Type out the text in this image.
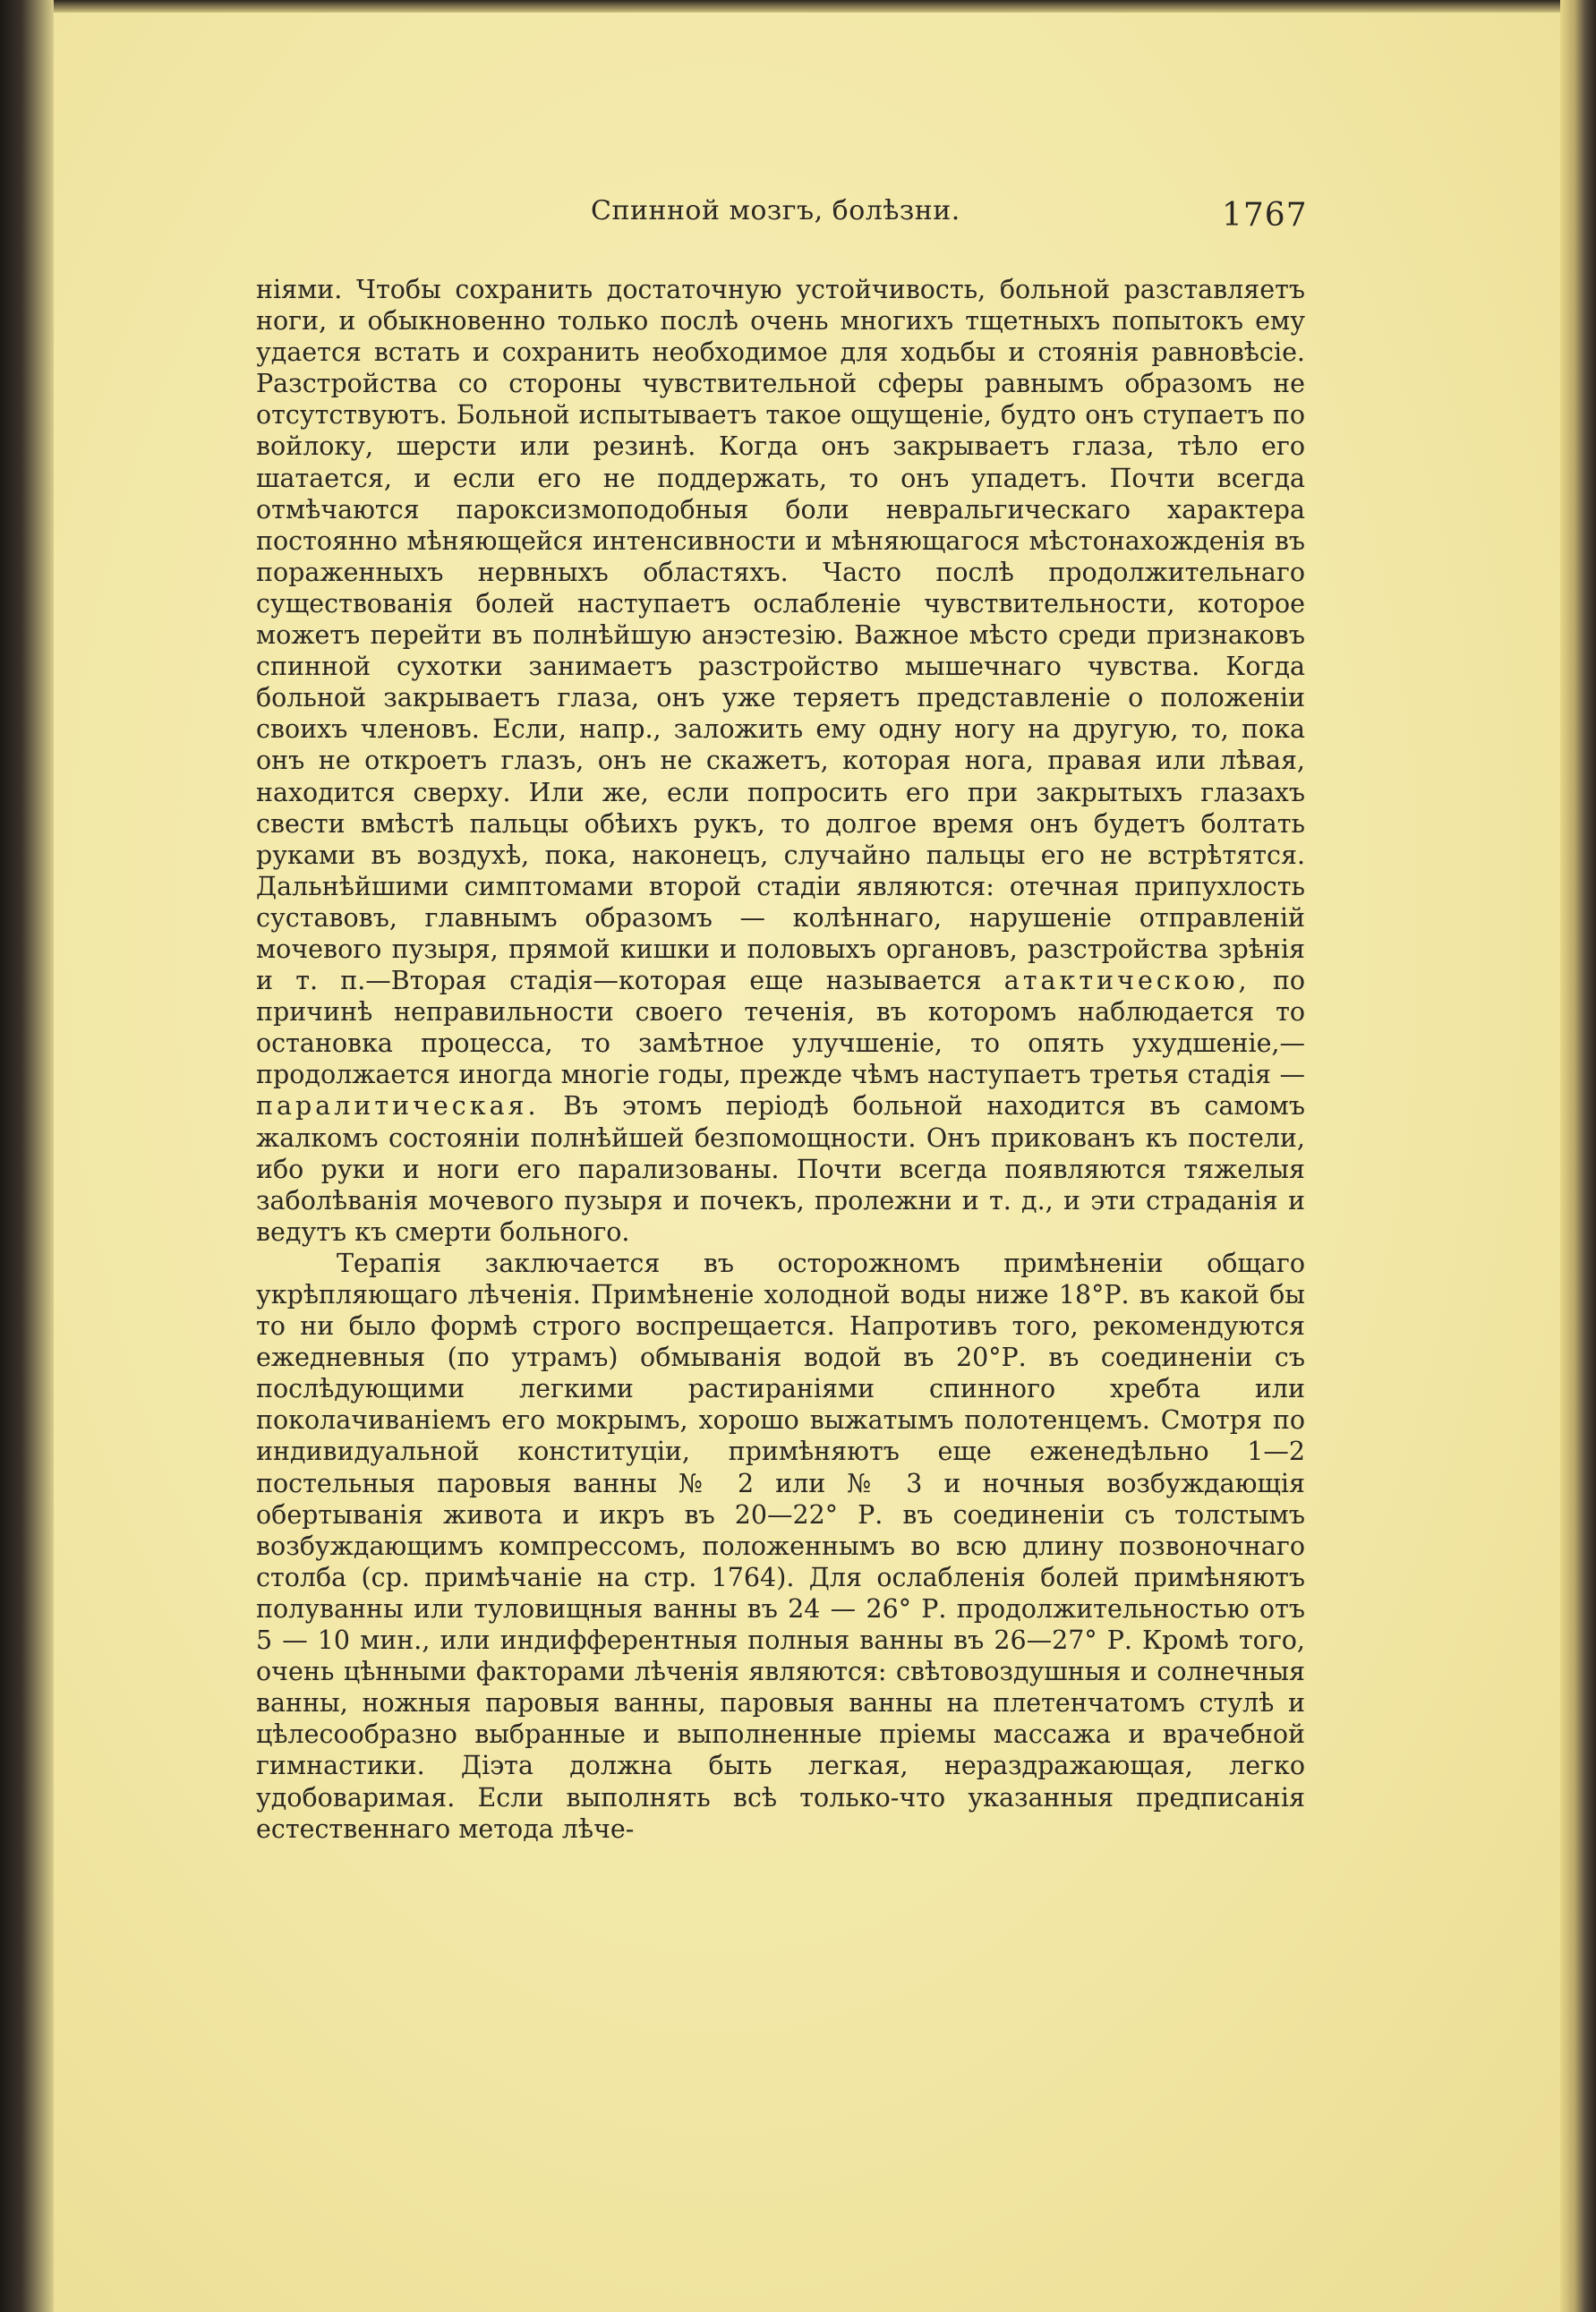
Спинной мозгъ, болѣзни.	1767

ніями. Чтобы сохранить достаточную устойчивость, больной разставляетъ ноги, и обыкновенно только послѣ очень многихъ тщетныхъ попытокъ ему удается встать и сохранить необходимое для ходьбы и стоянія равновѣсіе. Разстройства со стороны чувствительной сферы равнымъ образомъ не отсутствуютъ. Больной испытываетъ такое ощущеніе, будто онъ ступаетъ по войлоку, шерсти или резинѣ. Когда онъ закрываетъ глаза, тѣло его шатается, и если его не поддержать, то онъ упадетъ. Почти всегда отмѣчаются пароксизмоподобныя боли невральгическаго характера постоянно мѣняющейся интенсивности и мѣняющагося мѣстонахожденія въ пораженныхъ нервныхъ областяхъ. Часто послѣ продолжительнаго существованія болей наступаетъ ослабленіе чувствительности, которое можетъ перейти въ полнѣйшую анэстезію. Важное мѣсто среди признаковъ спинной сухотки занимаетъ разстройство мышечнаго чувства. Когда больной закрываетъ глаза, онъ уже теряетъ представленіе о положеніи своихъ членовъ. Если, напр., заложить ему одну ногу на другую, то, пока онъ не откроетъ глазъ, онъ не скажетъ, которая нога, правая или лѣвая, находится сверху. Или же, если попросить его при закрытыхъ глазахъ свести вмѣстѣ пальцы обѣихъ рукъ, то долгое время онъ будетъ болтать руками въ воздухѣ, пока, наконецъ, случайно пальцы его не встрѣтятся. Дальнѣйшими симптомами второй стадіи являются: отечная припухлость суставовъ, главнымъ образомъ — колѣннаго, нарушеніе отправленій мочевого пузыря, прямой кишки и половыхъ органовъ, разстройства зрѣнія и т. п.—Вторая стадія—которая еще называется атактическою, по причинѣ неправильности своего теченія, въ которомъ наблюдается то остановка процесса, то замѣтное улучшеніе, то опять ухудшеніе,—продолжается иногда многіе годы, прежде чѣмъ наступаетъ третья стадія — паралитическая. Въ этомъ періодѣ больной находится въ самомъ жалкомъ состояніи полнѣйшей безпомощности. Онъ прикованъ къ постели, ибо руки и ноги его парализованы. Почти всегда появляются тяжелыя заболѣванія мочевого пузыря и почекъ, пролежни и т. д., и эти страданія и ведутъ къ смерти больного.

Терапія заключается въ осторожномъ примѣненіи общаго укрѣпляющаго лѣченія. Примѣненіе холодной воды ниже 18°Р. въ какой бы то ни было формѣ строго воспрещается. Напротивъ того, рекомендуются ежедневныя (по утрамъ) обмыванія водой въ 20°Р. въ соединеніи съ послѣдующими легкими растираніями спинного хребта или поколачиваніемъ его мокрымъ, хорошо выжатымъ полотенцемъ. Смотря по индивидуальной конституціи, примѣняютъ еще еженедѣльно 1—2 постельныя паровыя ванны № 2 или № 3 и ночныя возбуждающія обертыванія живота и икръ въ 20—22° Р. въ соединеніи съ толстымъ возбуждающимъ компрессомъ, положеннымъ во всю длину позвоночнаго столба (ср. примѣчаніе на стр. 1764). Для ослабленія болей примѣняютъ полуванны или туловищныя ванны въ 24 — 26° Р. продолжительностью отъ 5 — 10 мин., или индифферентныя полныя ванны въ 26—27° Р. Кромѣ того, очень цѣнными факторами лѣченія являются: свѣтовоздушныя и солнечныя ванны, ножныя паровыя ванны, паровыя ванны на плетенчатомъ стулѣ и цѣлесообразно выбранные и выполненные пріемы массажа и врачебной гимнастики. Діэта должна быть легкая, нераздражающая, легко удобоваримая. Если выполнять всѣ только-что указанныя предписанія естественнаго метода лѣче-
